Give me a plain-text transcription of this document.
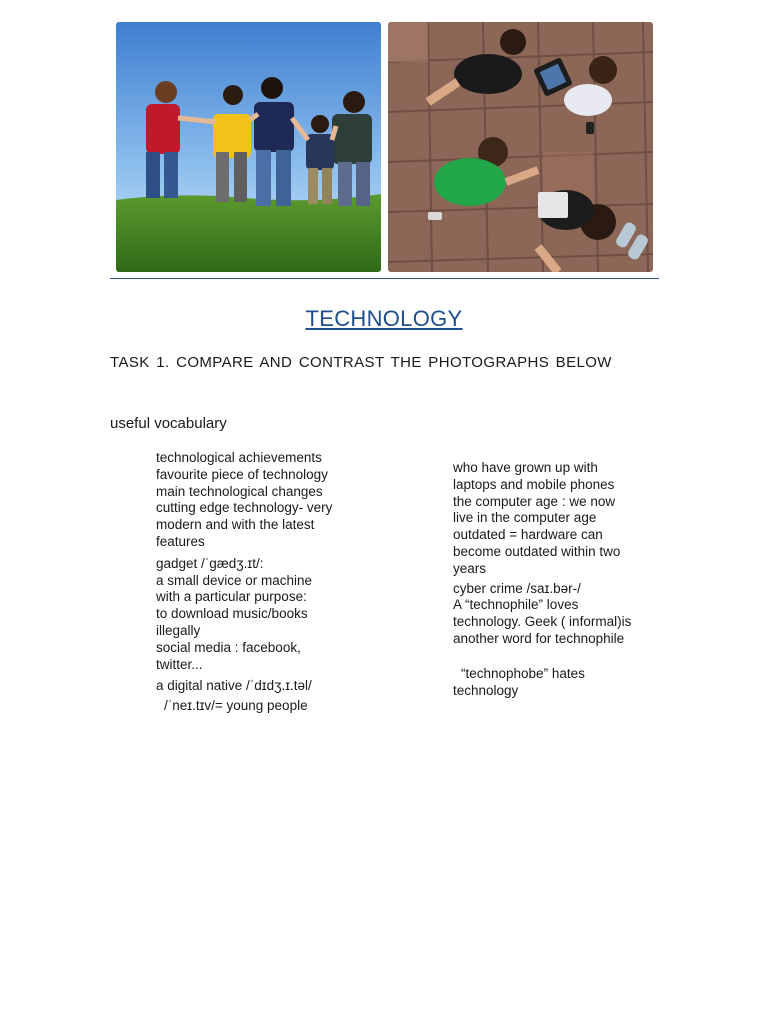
TECHNOLOGY
TASK 1. COMPARE AND CONTRAST THE PHOTOGRAPHS BELOW
useful vocabulary

technological achievements

favourite piece of technology

main technological changes

cutting edge technology- very

modern and with the latest

features

gadget /ˈɡædʒ.ɪt/:

a small device or machine

with a particular purpose:

to download music/books

illegally

social media : facebook,

twitter...

a digital native /ˈdɪdʒ.ɪ.təl/

/ˈneɪ.tɪv/= young people

who have grown up with

laptops and mobile phones

the computer age : we now

live in the computer age

outdated = hardware can

become outdated within two

years

cyber crime /saɪ.bər-/

A “technophile” loves

technology. Geek ( informal)is

another word for technophile

“technophobe” hates

technology
